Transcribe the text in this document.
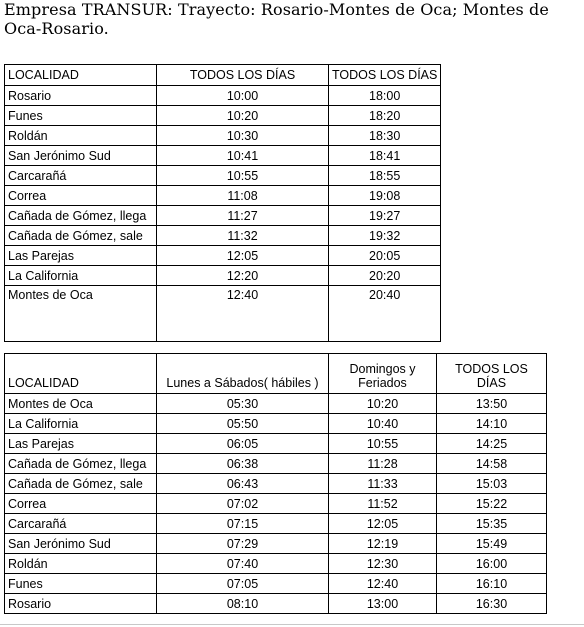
Empresa TRANSUR: Trayecto: Rosario-Montes de Oca; Montes de Oca-Rosario.

LOCALIDAD	TODOS LOS DÍAS	TODOS LOS DÍAS
Rosario	10:00	18:00
Funes	10:20	18:20
Roldán	10:30	18:30
San Jerónimo Sud	10:41	18:41
Carcarañá	10:55	18:55
Correa	11:08	19:08
Cañada de Gómez, llega	11:27	19:27
Cañada de Gómez, sale	11:32	19:32
Las Parejas	12:05	20:05
La California	12:20	20:20
Montes de Oca	12:40	20:40
LOCALIDAD	Lunes a Sábados( hábiles )	Domingos y Feriados	TODOS LOS DÍAS
Montes de Oca	05:30	10:20	13:50
La California	05:50	10:40	14:10
Las Parejas	06:05	10:55	14:25
Cañada de Gómez, llega	06:38	11:28	14:58
Cañada de Gómez, sale	06:43	11:33	15:03
Correa	07:02	11:52	15:22
Carcarañá	07:15	12:05	15:35
San Jerónimo Sud	07:29	12:19	15:49
Roldán	07:40	12:30	16:00
Funes	07:05	12:40	16:10
Rosario	08:10	13:00	16:30
